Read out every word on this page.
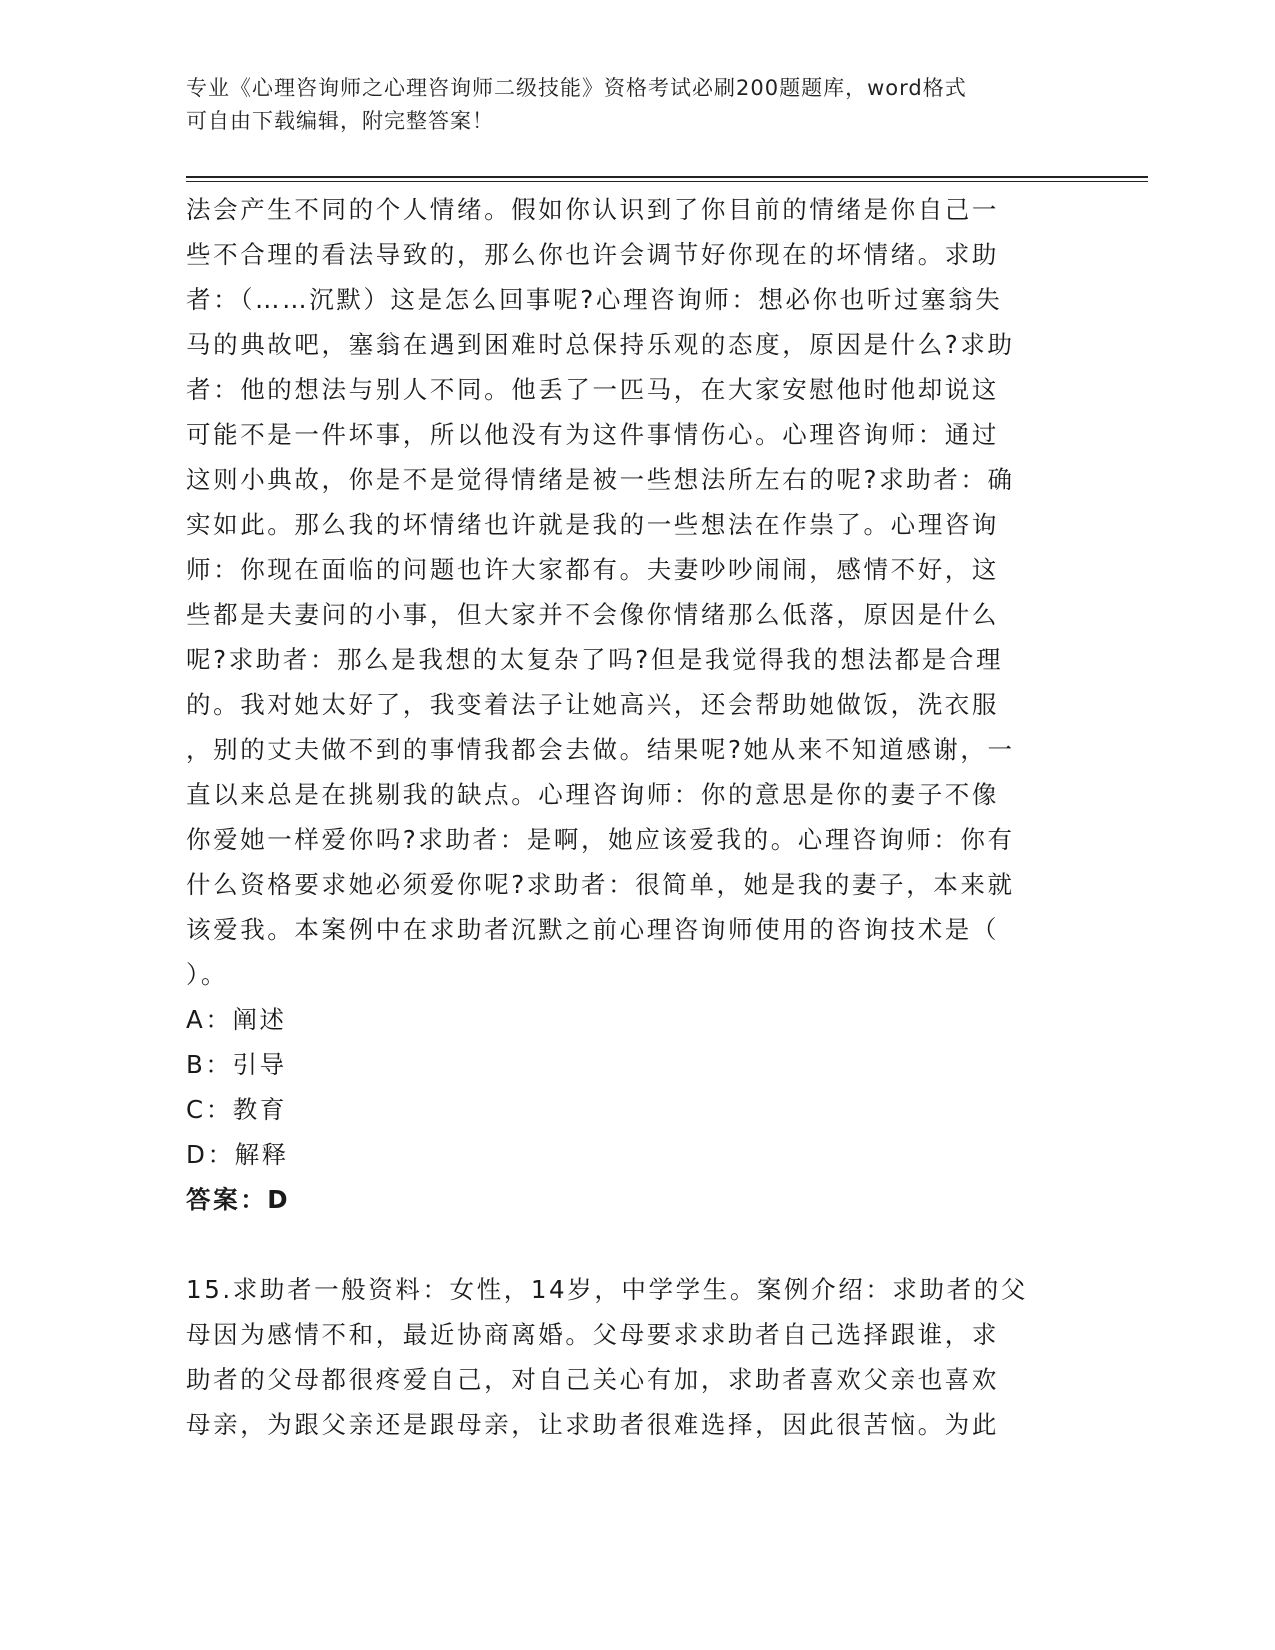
专业《心理咨询师之心理咨询师二级技能》资格考试必刷200题题库，word格式
可自由下载编辑，附完整答案！
法会产生不同的个人情绪。假如你认识到了你目前的情绪是你自己一
些不合理的看法导致的，那么你也许会调节好你现在的坏情绪。求助
者：（……沉默）这是怎么回事呢?心理咨询师：想必你也听过塞翁失
马的典故吧，塞翁在遇到困难时总保持乐观的态度，原因是什么?求助
者：他的想法与别人不同。他丢了一匹马，在大家安慰他时他却说这
可能不是一件坏事，所以他没有为这件事情伤心。心理咨询师：通过
这则小典故，你是不是觉得情绪是被一些想法所左右的呢?求助者：确
实如此。那么我的坏情绪也许就是我的一些想法在作祟了。心理咨询
师：你现在面临的问题也许大家都有。夫妻吵吵闹闹，感情不好，这
些都是夫妻问的小事，但大家并不会像你情绪那么低落，原因是什么
呢?求助者：那么是我想的太复杂了吗?但是我觉得我的想法都是合理
的。我对她太好了，我变着法子让她高兴，还会帮助她做饭，洗衣服
，别的丈夫做不到的事情我都会去做。结果呢?她从来不知道感谢，一
直以来总是在挑剔我的缺点。心理咨询师：你的意思是你的妻子不像
你爱她一样爱你吗?求助者：是啊，她应该爱我的。心理咨询师：你有
什么资格要求她必须爱你呢?求助者：很简单，她是我的妻子，本来就
该爱我。本案例中在求助者沉默之前心理咨询师使用的咨询技术是（
）。
A：阐述
B：引导
C：教育
D：解释
答案：D
15.求助者一般资料：女性，14岁，中学学生。案例介绍：求助者的父
母因为感情不和，最近协商离婚。父母要求求助者自己选择跟谁，求
助者的父母都很疼爱自己，对自己关心有加，求助者喜欢父亲也喜欢
母亲，为跟父亲还是跟母亲，让求助者很难选择，因此很苦恼。为此
